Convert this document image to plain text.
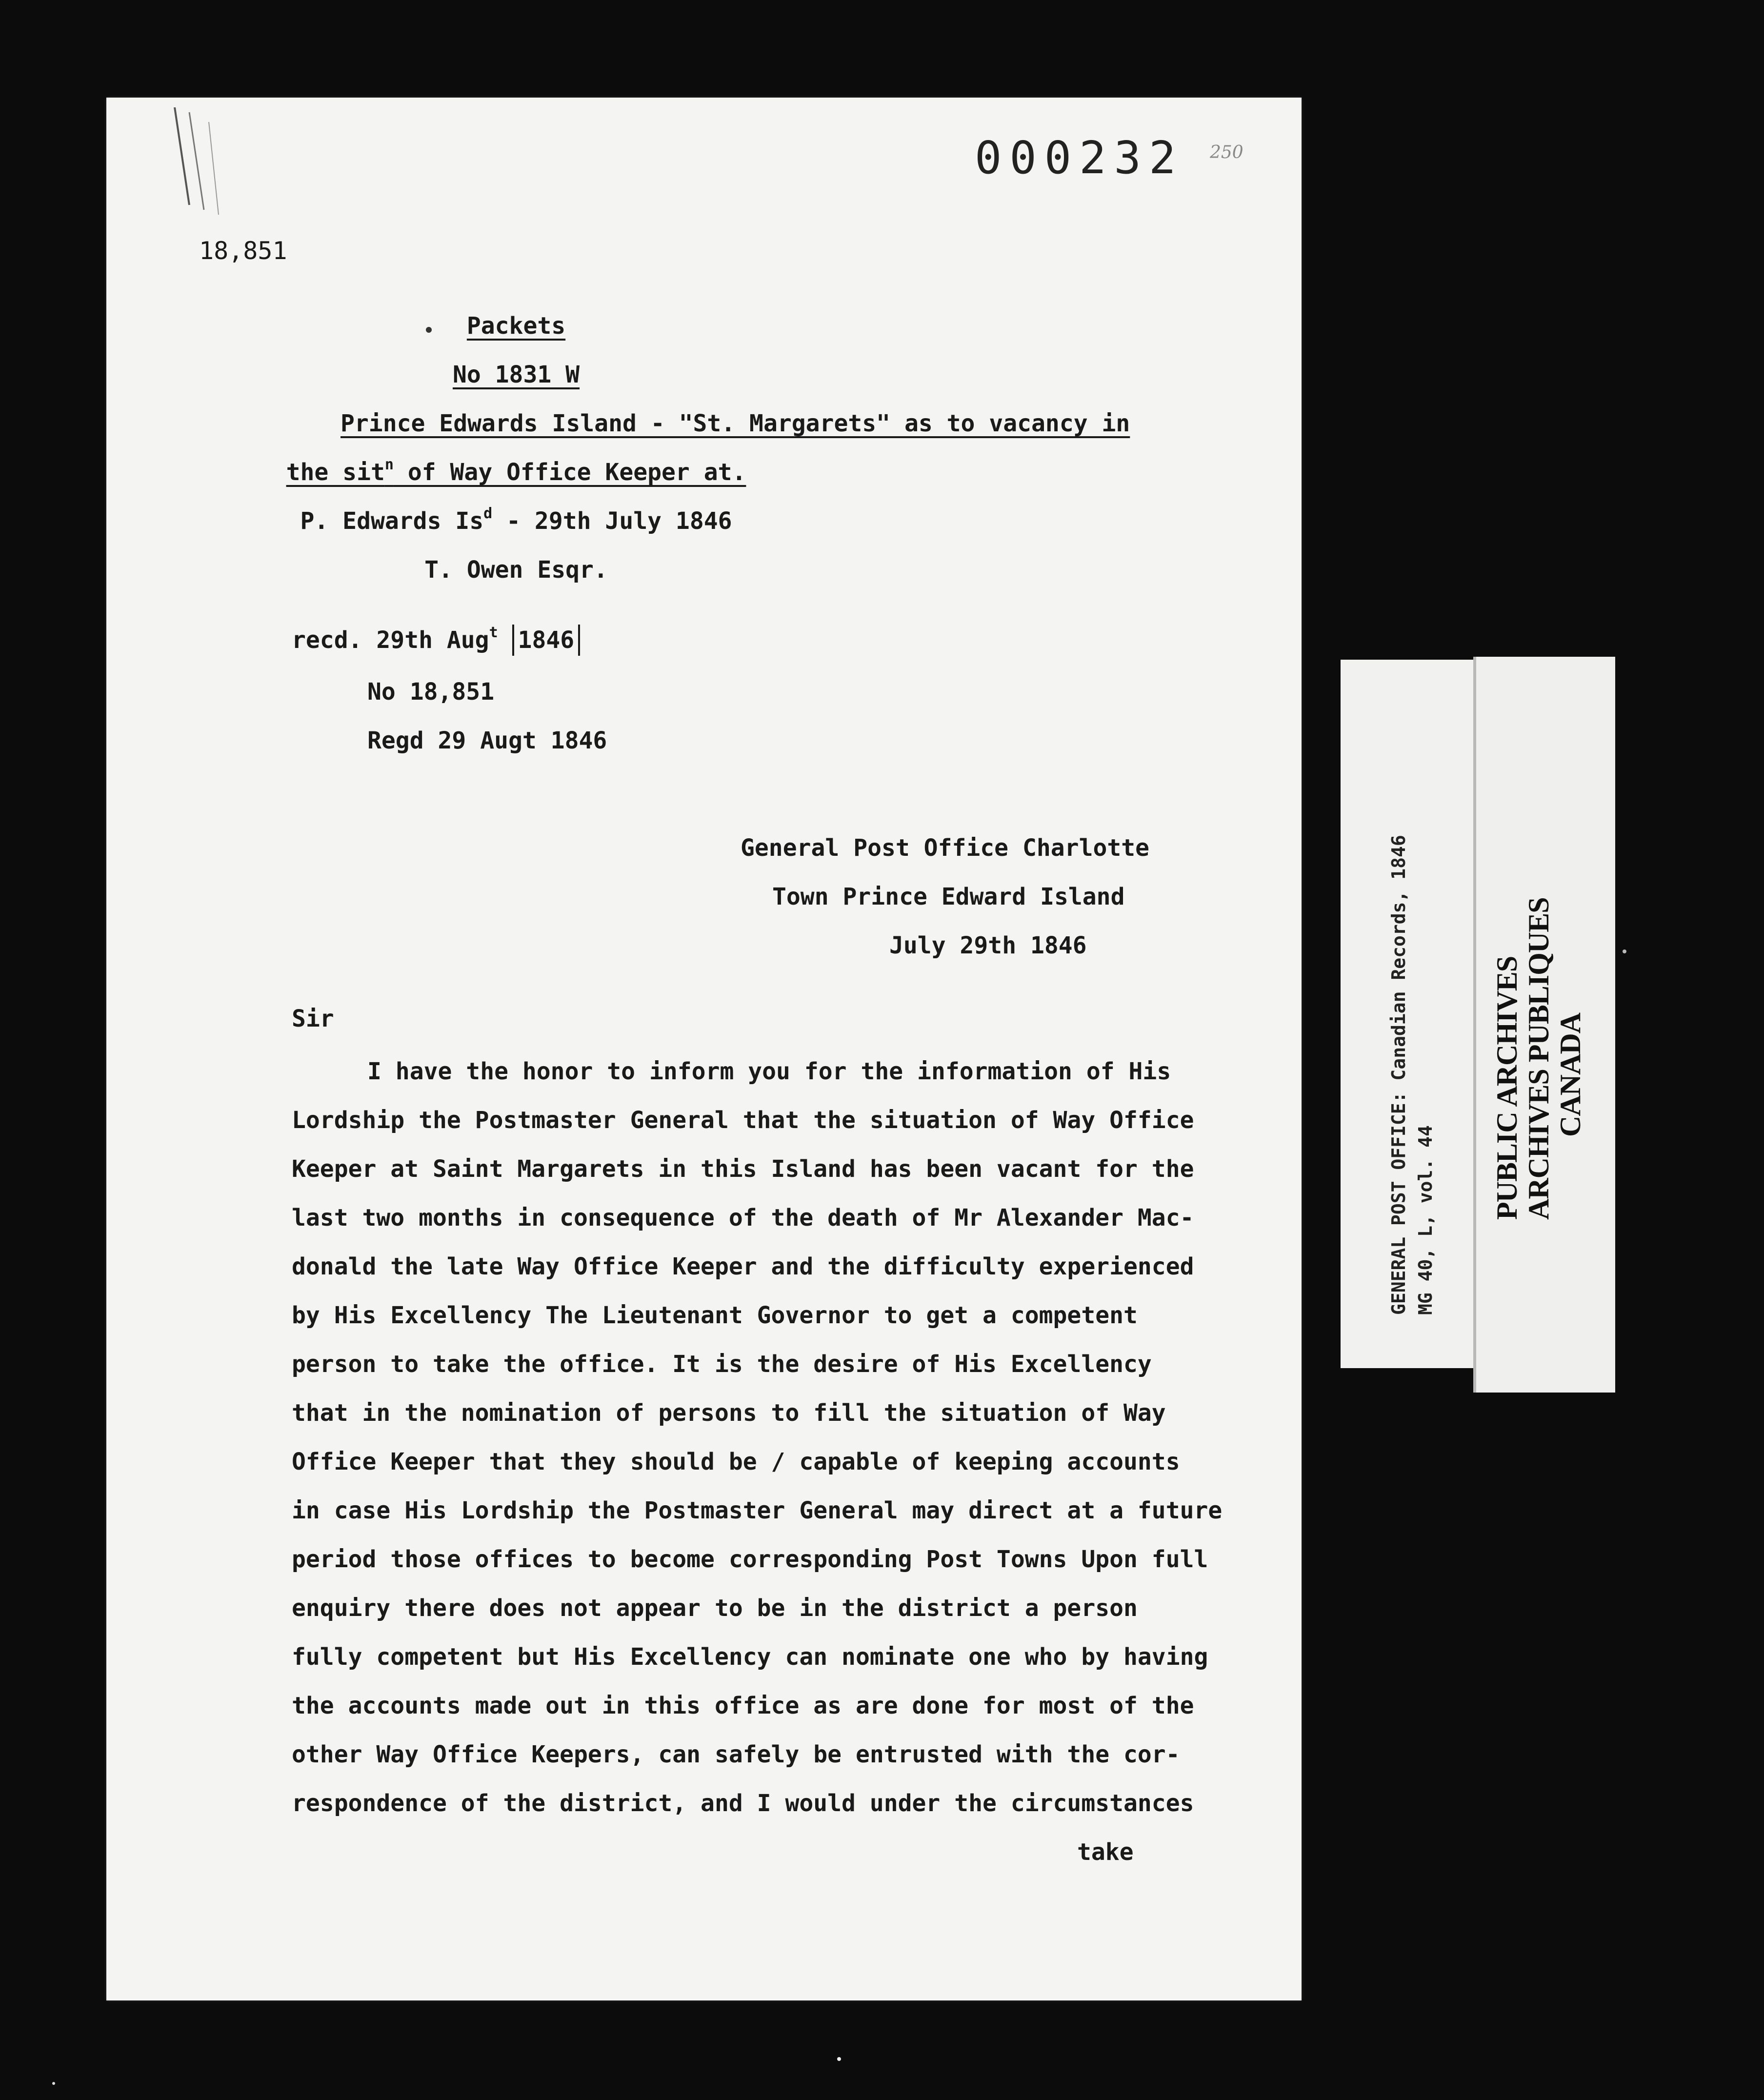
000232 250
18,851
Packets
No 1831 W
Prince Edwards Island - "St. Margarets" as to vacancy in
the sit$^n$ of Way Office Keeper at.
P. Edwards Is$^d$ - 29th July 1846
T. Owen Esqr.
recd. 29th Aug$^t$ 1846
No 18,851
Regd 29 Augt 1846
General Post Office Charlotte
Town Prince Edward Island
July 29th 1846
Sir
I have the honor to inform you for the information of His
Lordship the Postmaster General that the situation of Way Office
Keeper at Saint Margarets in this Island has been vacant for the
last two months in consequence of the death of Mr Alexander Mac-
donald the late Way Office Keeper and the difficulty experienced
by His Excellency The Lieutenant Governor to get a competent
person to take the office. It is the desire of His Excellency
that in the nomination of persons to fill the situation of Way
Office Keeper that they should be / capable of keeping accounts
in case His Lordship the Postmaster General may direct at a future
period those offices to become corresponding Post Towns Upon full
enquiry there does not appear to be in the district a person
fully competent but His Excellency can nominate one who by having
the accounts made out in this office as are done for most of the
other Way Office Keepers, can safely be entrusted with the cor-
respondence of the district, and I would under the circumstances
take
GENERAL POST OFFICE: Canadian Records, 1846 MG 40, L, vol. 44
PUBLIC ARCHIVES ARCHIVES PUBLIQUES CANADA
